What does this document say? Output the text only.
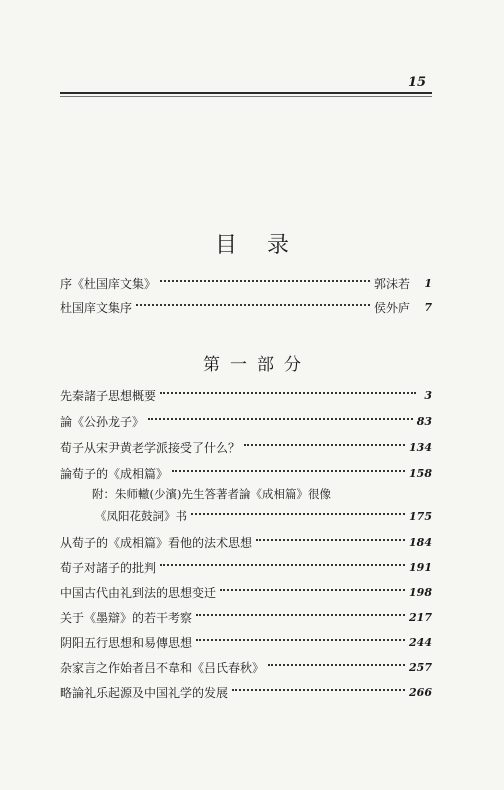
15
目录
序《杜国庠文集》	郭沫若	1
杜国庠文集序	侯外庐	7
第一部分
先秦諸子思想概要	3
論《公孙龙子》	83
荀子从宋尹黄老学派接受了什么？	134
論荀子的《成相篇》	158
附：朱师轍(少濱)先生答著者論《成相篇》很像
《凤阳花鼓詞》书	175
从荀子的《成相篇》看他的法术思想	184
荀子对諸子的批判	191
中国古代由礼到法的思想变迁	198
关于《墨辯》的若干考察	217
阴阳五行思想和易傳思想	244
杂家言之作始者吕不韋和《吕氏春秋》	257
略論礼乐起源及中国礼学的发展	266
